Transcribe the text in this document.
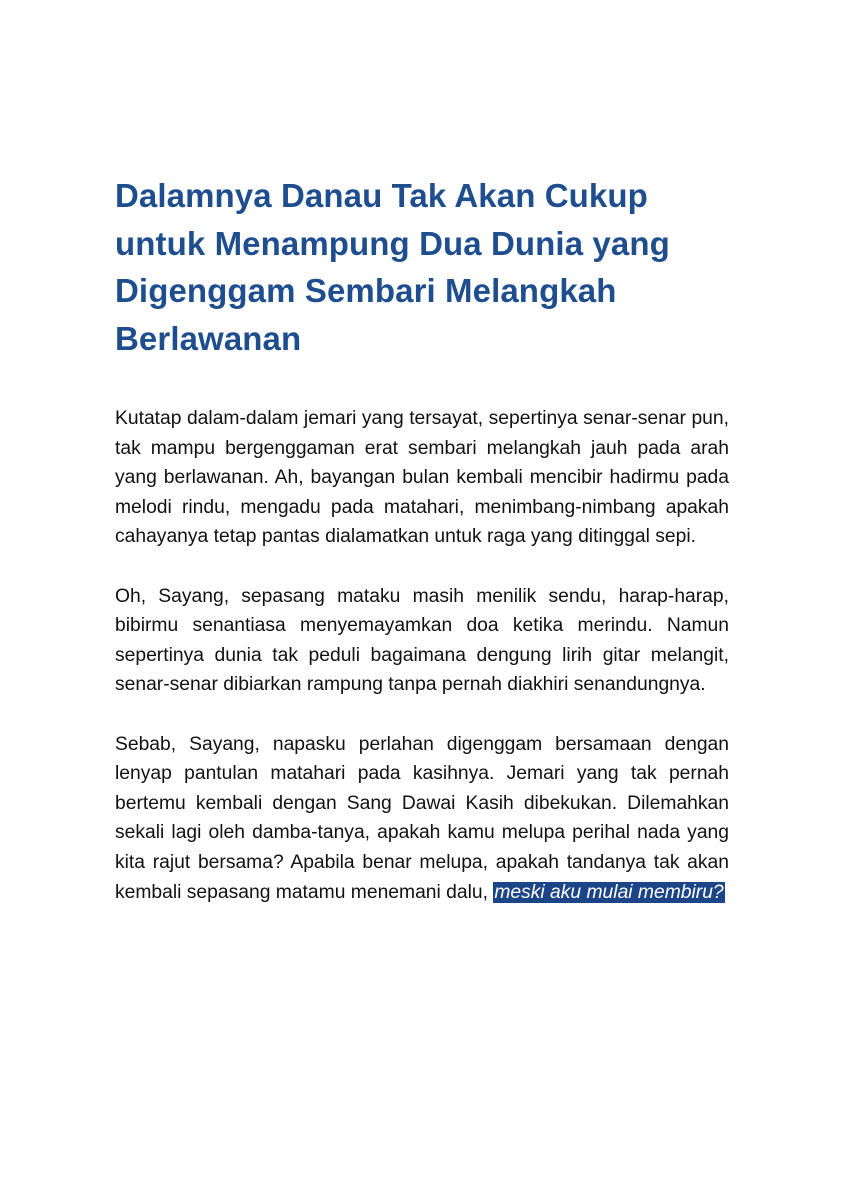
Dalamnya Danau Tak Akan Cukup untuk Menampung Dua Dunia yang Digenggam Sembari Melangkah Berlawanan

Kutatap dalam-dalam jemari yang tersayat, sepertinya senar-senar pun, tak mampu bergenggaman erat sembari melangkah jauh pada arah yang berlawanan. Ah, bayangan bulan kembali mencibir hadirmu pada melodi rindu, mengadu pada matahari, menimbang-nimbang apakah cahayanya tetap pantas dialamatkan untuk raga yang ditinggal sepi.

Oh, Sayang, sepasang mataku masih menilik sendu, harap-harap, bibirmu senantiasa menyemayamkan doa ketika merindu. Namun sepertinya dunia tak peduli bagaimana dengung lirih gitar melangit, senar-senar dibiarkan rampung tanpa pernah diakhiri senandungnya.

Sebab, Sayang, napasku perlahan digenggam bersamaan dengan lenyap pantulan matahari pada kasihnya. Jemari yang tak pernah bertemu kembali dengan Sang Dawai Kasih dibekukan. Dilemahkan sekali lagi oleh damba-tanya, apakah kamu melupa perihal nada yang kita rajut bersama? Apabila benar melupa, apakah tandanya tak akan kembali sepasang matamu menemani dalu, meski aku mulai membiru?
